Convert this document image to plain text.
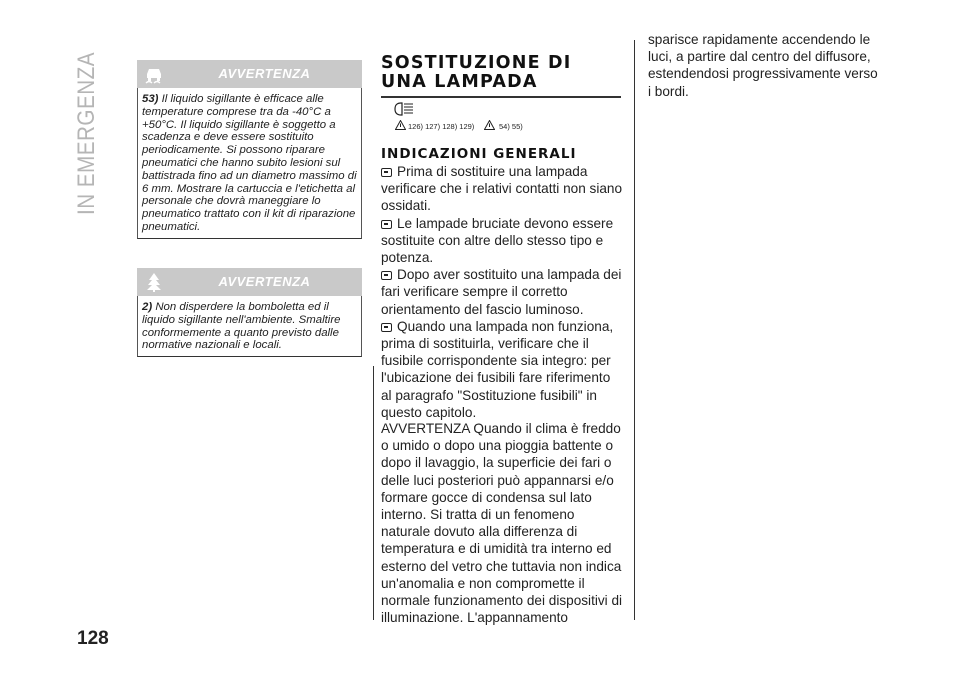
IN EMERGENZA
128
AVVERTENZA
53) Il liquido sigillante è efficace alle temperature comprese tra da -40°C a +50°C. Il liquido sigillante è soggetto a scadenza e deve essere sostituito periodicamente. Si possono riparare pneumatici che hanno subito lesioni sul battistrada fino ad un diametro massimo di 6 mm. Mostrare la cartuccia e l'etichetta al personale che dovrà maneggiare lo pneumatico trattato con il kit di riparazione pneumatici.
AVVERTENZA
2) Non disperdere la bomboletta ed il liquido sigillante nell'ambiente. Smaltire conformemente a quanto previsto dalle normative nazionali e locali.
SOSTITUZIONE DI
UNA LAMPADA
126) 127) 128) 129)	54) 55)
INDICAZIONI GENERALI
Prima di sostituire una lampada verificare che i relativi contatti non siano ossidati.
Le lampade bruciate devono essere sostituite con altre dello stesso tipo e potenza.
Dopo aver sostituito una lampada dei fari verificare sempre il corretto orientamento del fascio luminoso.
Quando una lampada non funziona, prima di sostituirla, verificare che il fusibile corrispondente sia integro: per l'ubicazione dei fusibili fare riferimento al paragrafo "Sostituzione fusibili" in questo capitolo.
AVVERTENZA Quando il clima è freddo o umido o dopo una pioggia battente o dopo il lavaggio, la superficie dei fari o delle luci posteriori può appannarsi e/o formare gocce di condensa sul lato interno. Si tratta di un fenomeno naturale dovuto alla differenza di temperatura e di umidità tra interno ed esterno del vetro che tuttavia non indica un'anomalia e non compromette il normale funzionamento dei dispositivi di illuminazione. L'appannamento
sparisce rapidamente accendendo le luci, a partire dal centro del diffusore, estendendosi progressivamente verso i bordi.
